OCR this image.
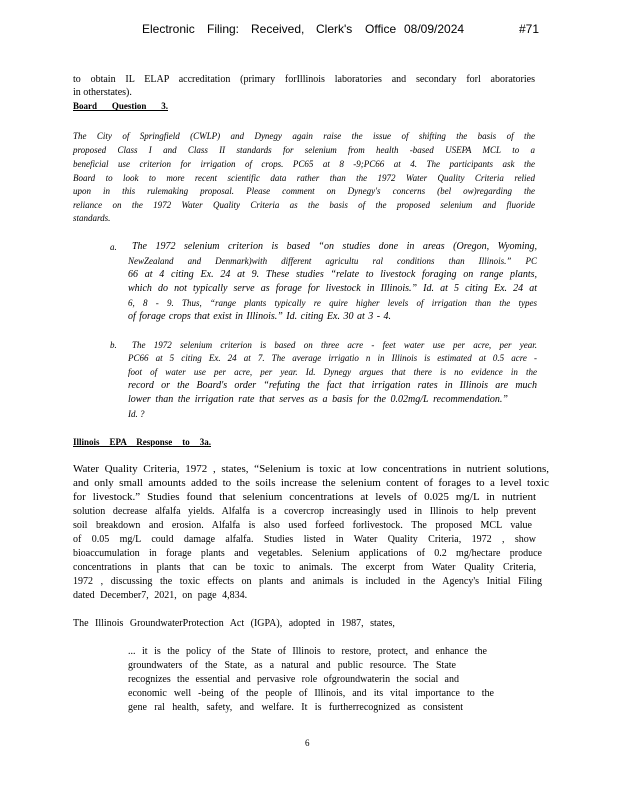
Electronic Filing: Received, Clerk's Office 08/09/2024	#71
to obtain IL ELAP accreditation (primary forIllinois laboratories and secondary forl aboratories
in otherstates).
Board Question 3.
The City of Springfield (CWLP) and Dynegy again raise the issue of shifting the basis of the
proposed Class I and Class II standards for selenium from health -based USEPA MCL to a
beneficial use criterion for irrigation of crops. PC65 at 8 -9;PC66 at 4. The participants ask the
Board to look to more recent scientific data rather than the 1972 Water Quality Criteria relied
upon in this rulemaking proposal. Please comment on Dynegy's concerns (bel ow)regarding the
reliance on the 1972 Water Quality Criteria as the basis of the proposed selenium and fluoride
standards.
a. The 1972 selenium criterion is based “on studies done in areas (Oregon, Wyoming,
NewZealand and Denmark)with different agricultu ral conditions than Illinois.” PC
66 at 4 citing Ex. 24 at 9. These studies “relate to livestock foraging on range plants,
which do not typically serve as forage for livestock in Illinois.” Id. at 5 citing Ex. 24 at
6, 8 - 9. Thus, “range plants typically re quire higher levels of irrigation than the types
of forage crops that exist in Illinois.” Id. citing Ex. 30 at 3 - 4.
b. The 1972 selenium criterion is based on three acre - feet water use per acre, per year.
PC66 at 5 citing Ex. 24 at 7. The average irrigatio n in Illinois is estimated at 0.5 acre -
foot of water use per acre, per year. Id. Dynegy argues that there is no evidence in the
record or the Board's order “refuting the fact that irrigation rates in Illinois are much
lower than the irrigation rate that serves as a basis for the 0.02mg/L recommendation.”
Id. ?
Illinois EPA Response to 3a.
Water Quality Criteria, 1972 , states, “Selenium is toxic at low concentrations in nutrient solutions,
and only small amounts added to the soils increase the selenium content of forages to a level toxic
for livestock.” Studies found that selenium concentrations at levels of 0.025 mg/L in nutrient
solution decrease alfalfa yields. Alfalfa is a covercrop increasingly used in Illinois to help prevent
soil breakdown and erosion. Alfalfa is also used forfeed forlivestock. The proposed MCL value
of 0.05 mg/L could damage alfalfa. Studies listed in Water Quality Criteria, 1972 , show
bioaccumulation in forage plants and vegetables. Selenium applications of 0.2 mg/hectare produce
concentrations in plants that can be toxic to animals. The excerpt from Water Quality Criteria,
1972 , discussing the toxic effects on plants and animals is included in the Agency's Initial Filing
dated December7, 2021, on page 4,834.
The Illinois GroundwaterProtection Act (IGPA), adopted in 1987, states,
... it is the policy of the State of Illinois to restore, protect, and enhance the
groundwaters of the State, as a natural and public resource. The State
recognizes the essential and pervasive role ofgroundwaterin the social and
economic well -being of the people of Illinois, and its vital importance to the
gene ral health, safety, and welfare. It is furtherrecognized as consistent
6
